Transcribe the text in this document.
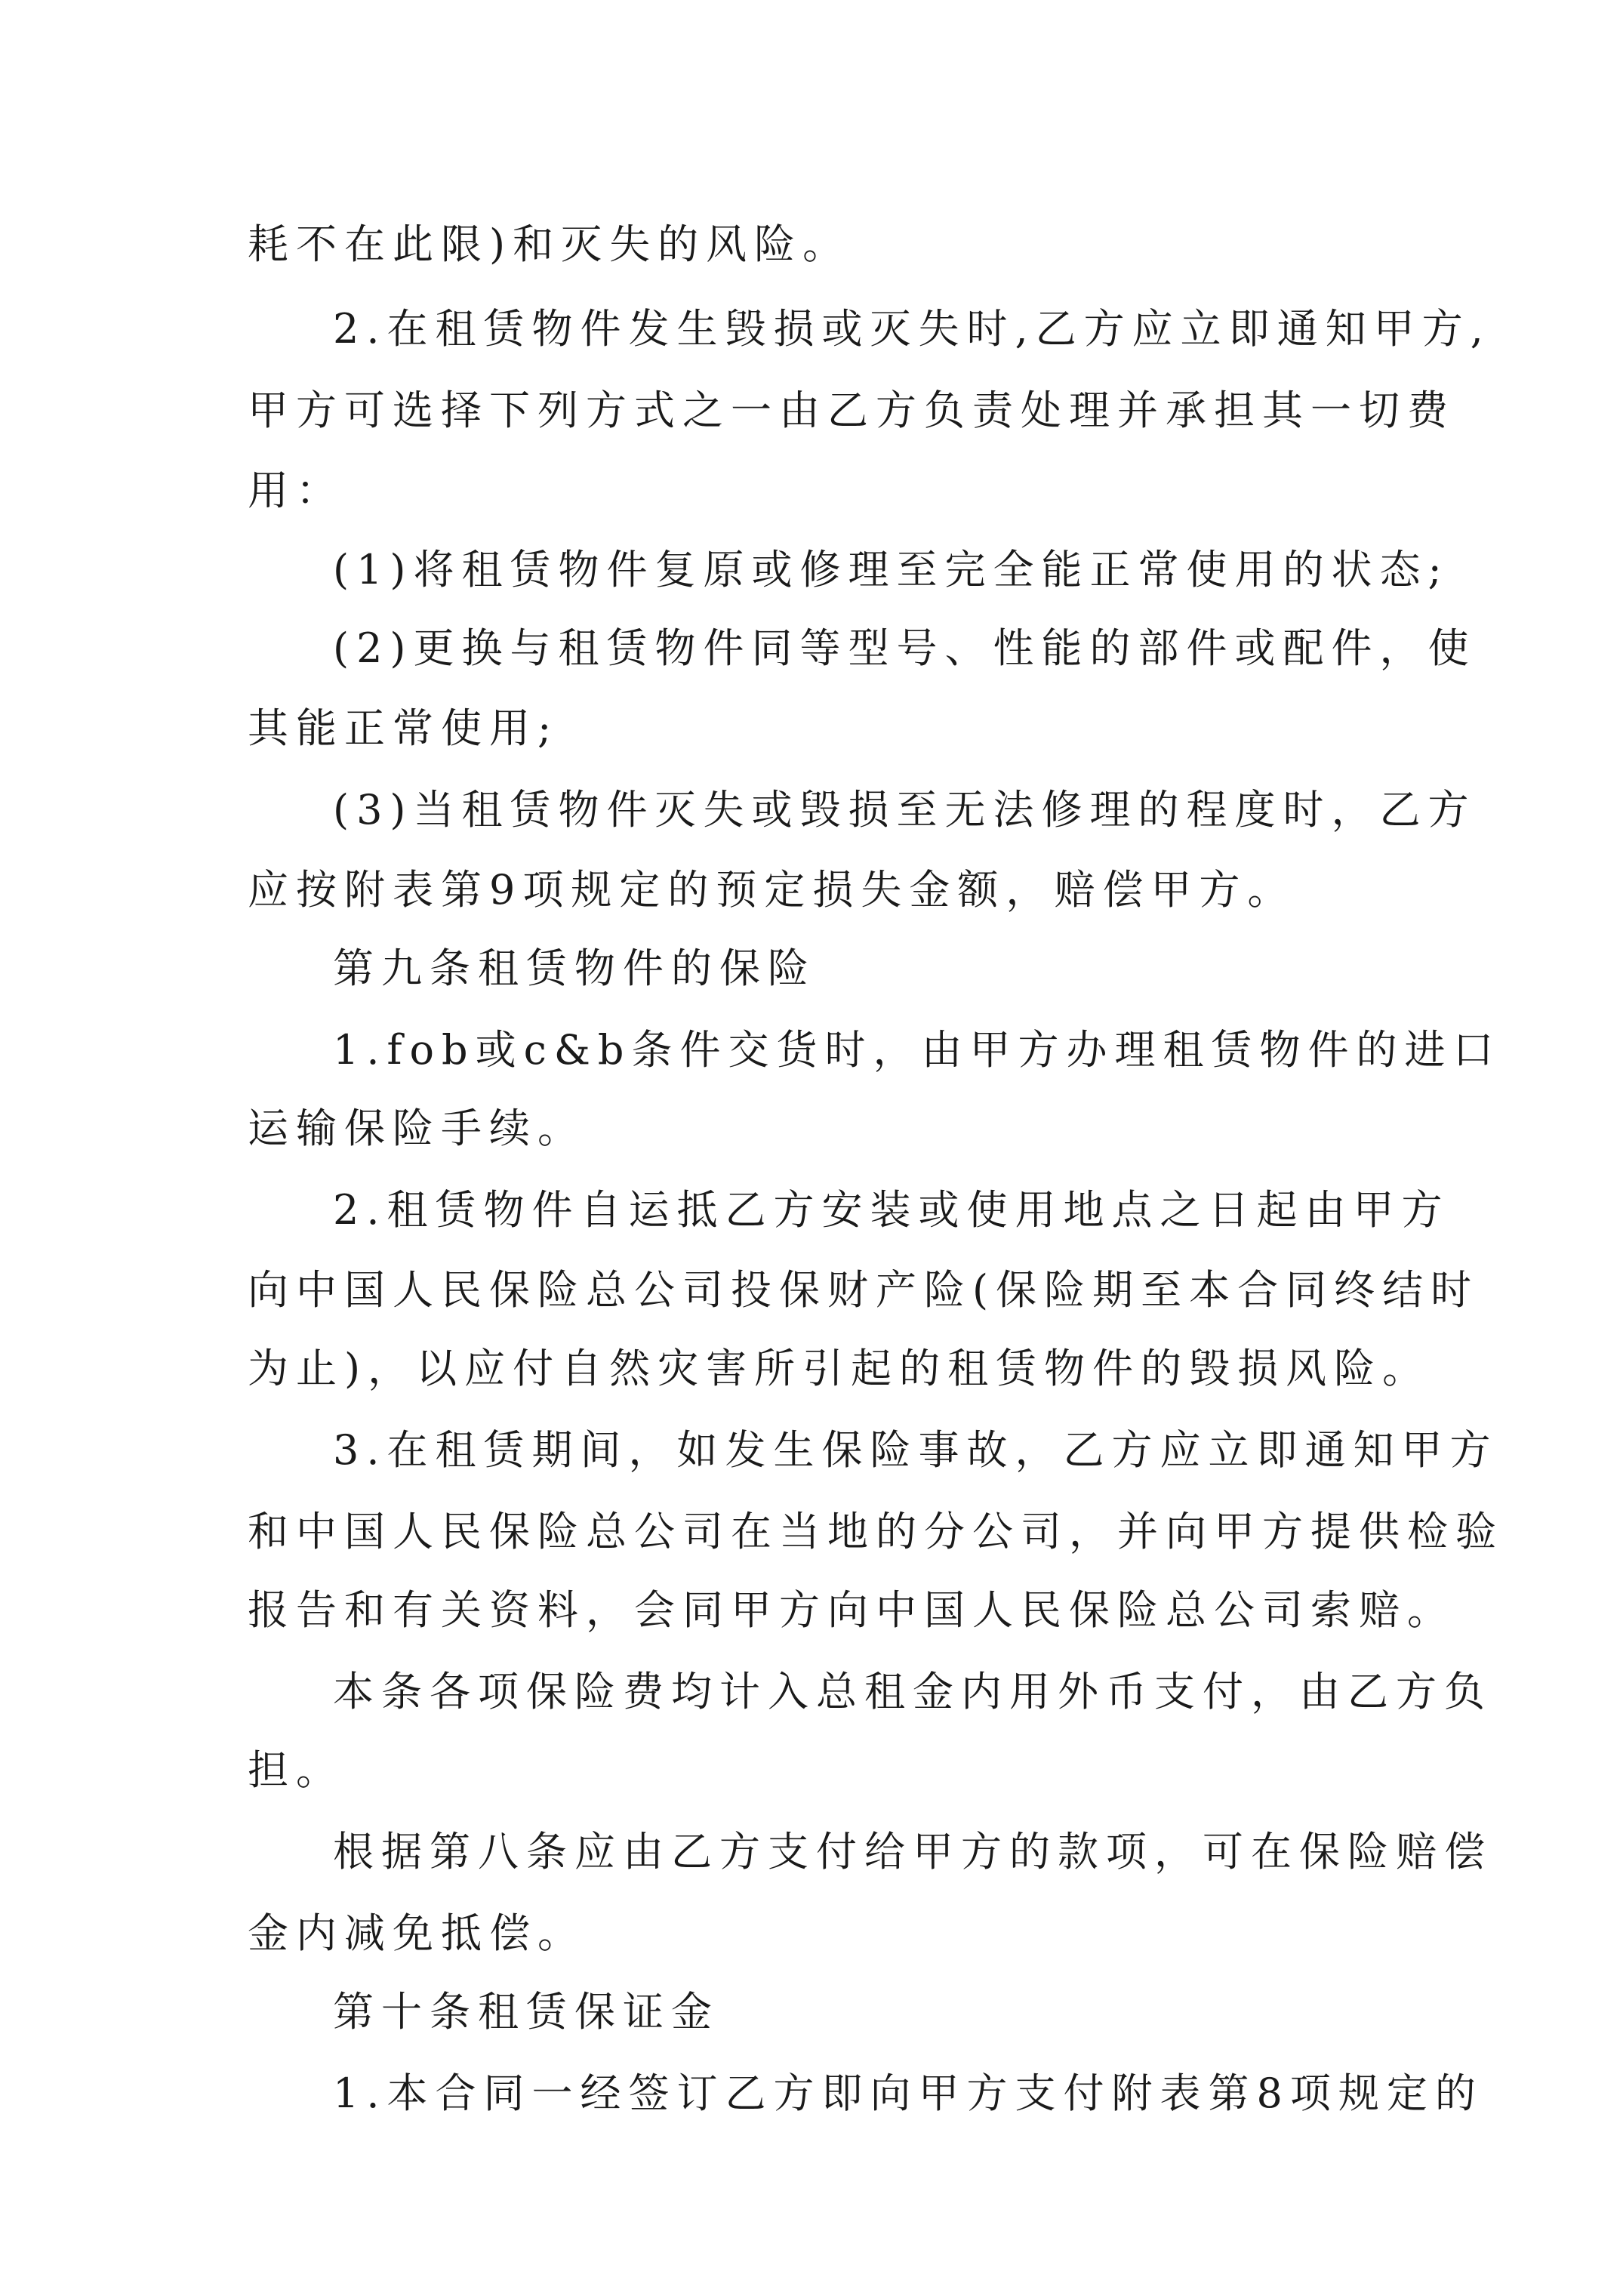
耗不在此限)和灭失的风险。
2.在租赁物件发生毁损或灭失时,乙方应立即通知甲方,
甲方可选择下列方式之一由乙方负责处理并承担其一切费
用：
(1)将租赁物件复原或修理至完全能正常使用的状态;
(2)更换与租赁物件同等型号、性能的部件或配件，使
其能正常使用;
(3)当租赁物件灭失或毁损至无法修理的程度时，乙方
应按附表第9项规定的预定损失金额，赔偿甲方。
第九条租赁物件的保险
1.fob或c&b条件交货时，由甲方办理租赁物件的进口
运输保险手续。
2.租赁物件自运抵乙方安装或使用地点之日起由甲方
向中国人民保险总公司投保财产险(保险期至本合同终结时
为止)，以应付自然灾害所引起的租赁物件的毁损风险。
3.在租赁期间，如发生保险事故，乙方应立即通知甲方
和中国人民保险总公司在当地的分公司，并向甲方提供检验
报告和有关资料，会同甲方向中国人民保险总公司索赔。
本条各项保险费均计入总租金内用外币支付，由乙方负
担。
根据第八条应由乙方支付给甲方的款项，可在保险赔偿
金内减免抵偿。
第十条租赁保证金
1.本合同一经签订乙方即向甲方支付附表第8项规定的
